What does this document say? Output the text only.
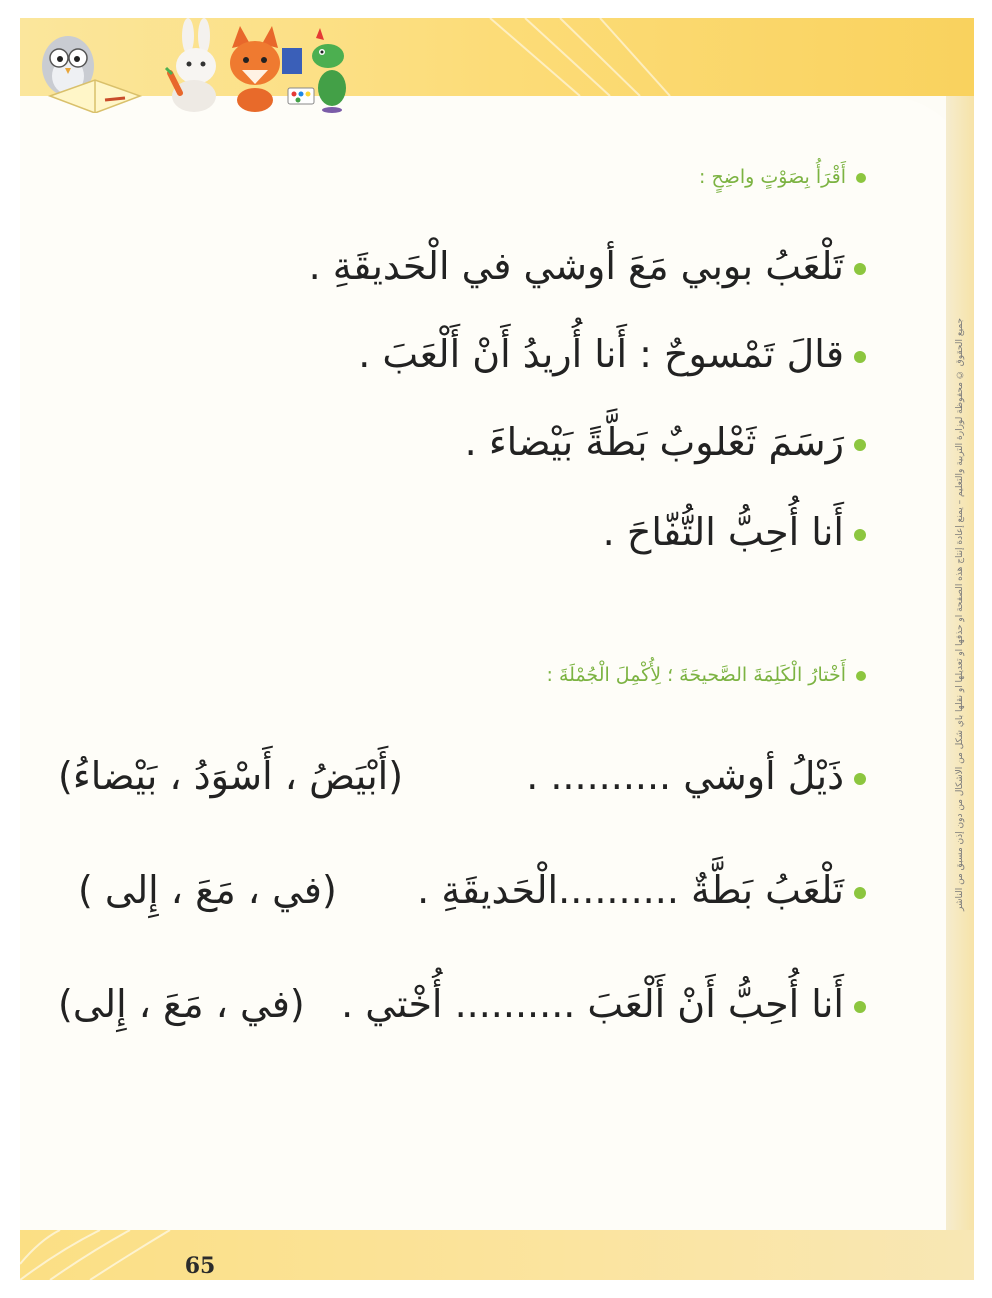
65
جميع الحقوق © محفوظة لوزارة التربية والتعليم – يمنع إعادة إنتاج هذه الصفحة أو حذفها أو تعديلها أو نقلها بأي شكل من الأشكال من دون إذن مسبق من الناشر
أَقْرَأُ بِصَوْتٍ واضِحٍ :
تَلْعَبُ بوبي مَعَ أوشي في الْحَديقَةِ .
قالَ تَمْسوحٌ : أَنا أُريدُ أَنْ أَلْعَبَ .
رَسَمَ ثَعْلوبٌ بَطَّةً بَيْضاءَ .
أَنا أُحِبُّ التُّفّاحَ .
أَخْتارُ الْكَلِمَةَ الصَّحيحَةَ ؛ لِأُكْمِلَ الْجُمْلَةَ :
ذَيْلُ أوشي .......... .
(أَبْيَضُ ، أَسْوَدُ ، بَيْضاءُ)
تَلْعَبُ بَطَّةٌ ..........الْحَديقَةِ .
(في ، مَعَ ، إِلى )
أَنا أُحِبُّ أَنْ أَلْعَبَ .......... أُخْتي .
(في ، مَعَ ، إِلى)
